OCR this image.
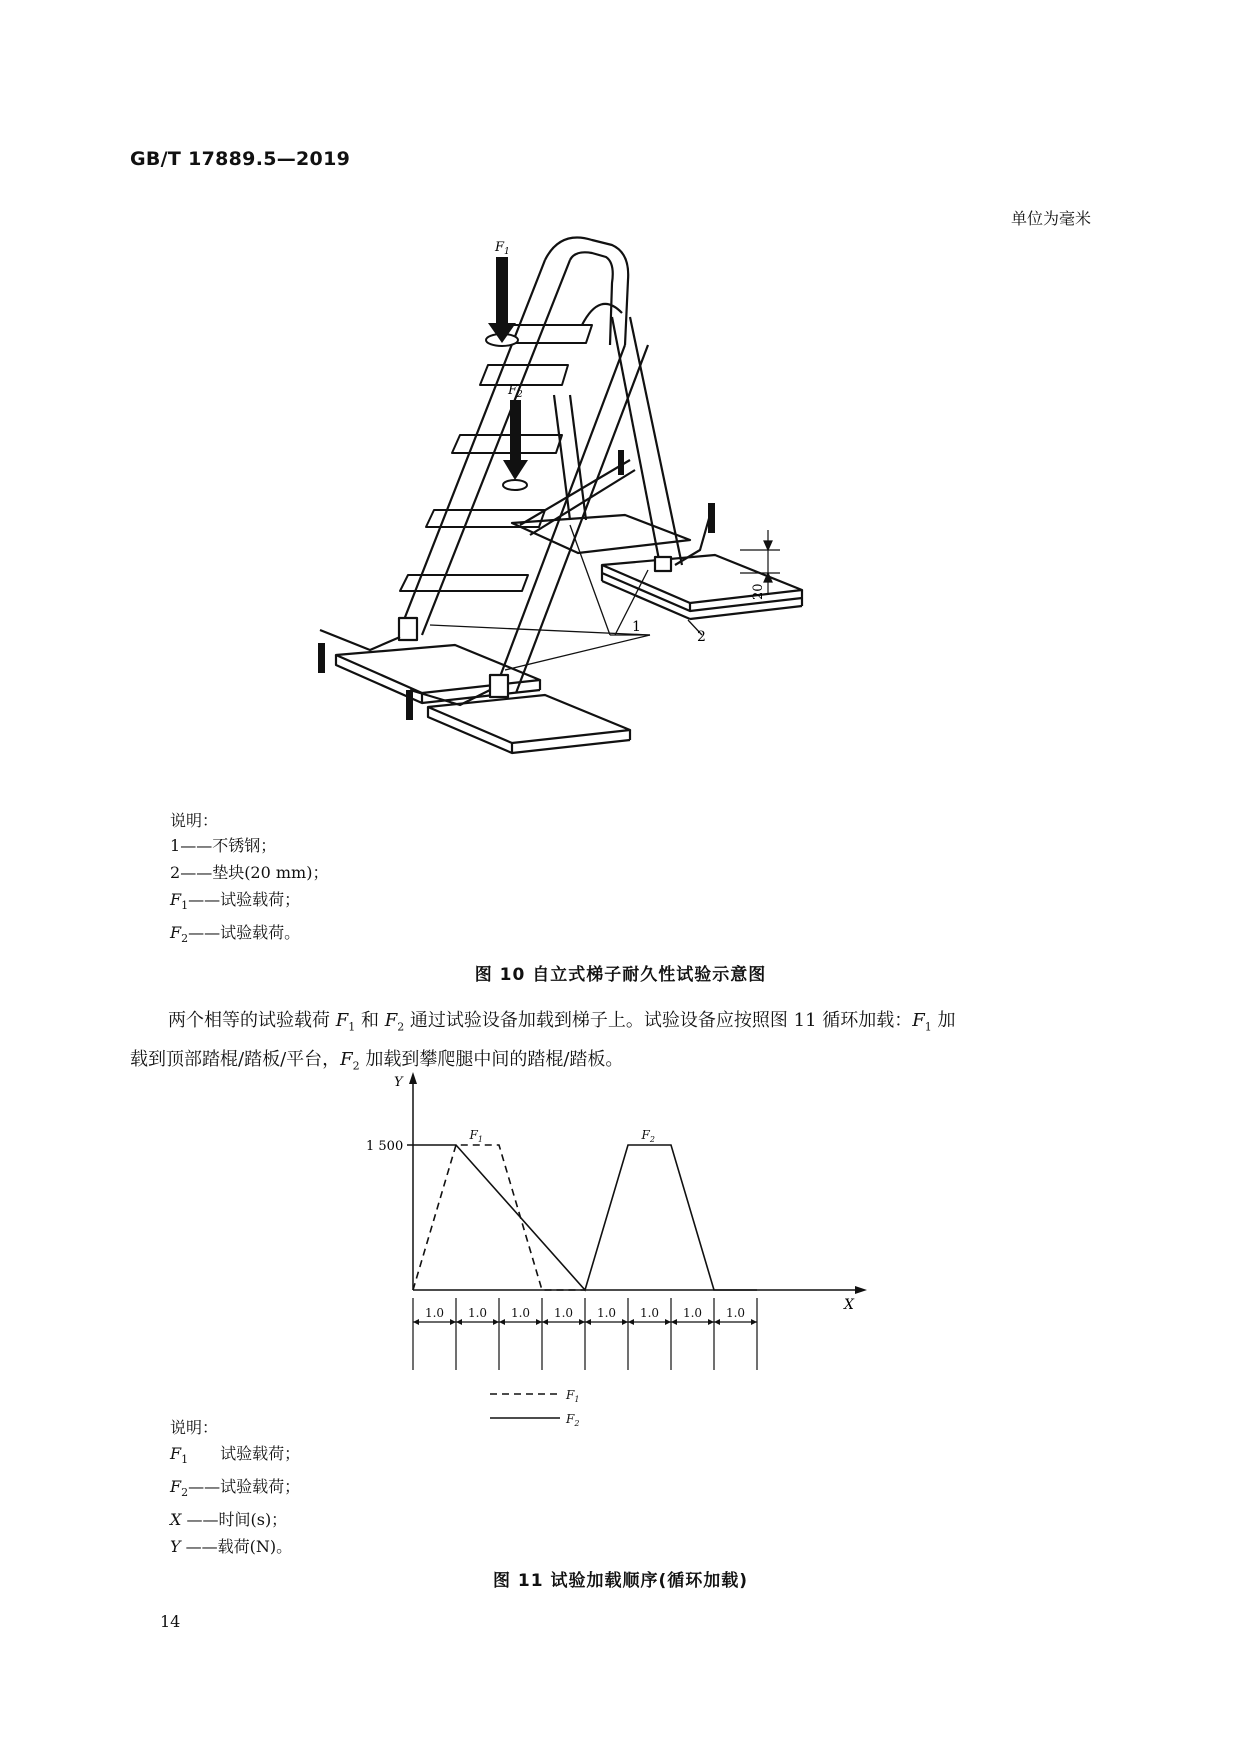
GB/T 17889.5—2019
单位为毫米
$F_1$
$F_2$
1
2
20
说明：
1——不锈钢；
2——垫块(20 mm)；
$F_1——$试验载荷；
$F_2——$试验载荷。
图 10 自立式梯子耐久性试验示意图
两个相等的试验载荷 $F_1$ 和 $F_2$ 通过试验设备加载到梯子上。试验设备应按照图 11 循环加载：$F_1$ 加
载到顶部踏棍/踏板/平台，$F_2$ 加载到攀爬腿中间的踏棍/踏板。
Y
X
1 500
$F_1$	$F_2$
1.0 1.0 1.0 1.0 1.0 1.0 1.0 1.0
$F_1$
$F_2$
说明：
$F_1$　 试验载荷；
$F_2——$试验载荷；
X ——时间(s)；
Y ——载荷(N)。
图 11 试验加载顺序(循环加载)
14
